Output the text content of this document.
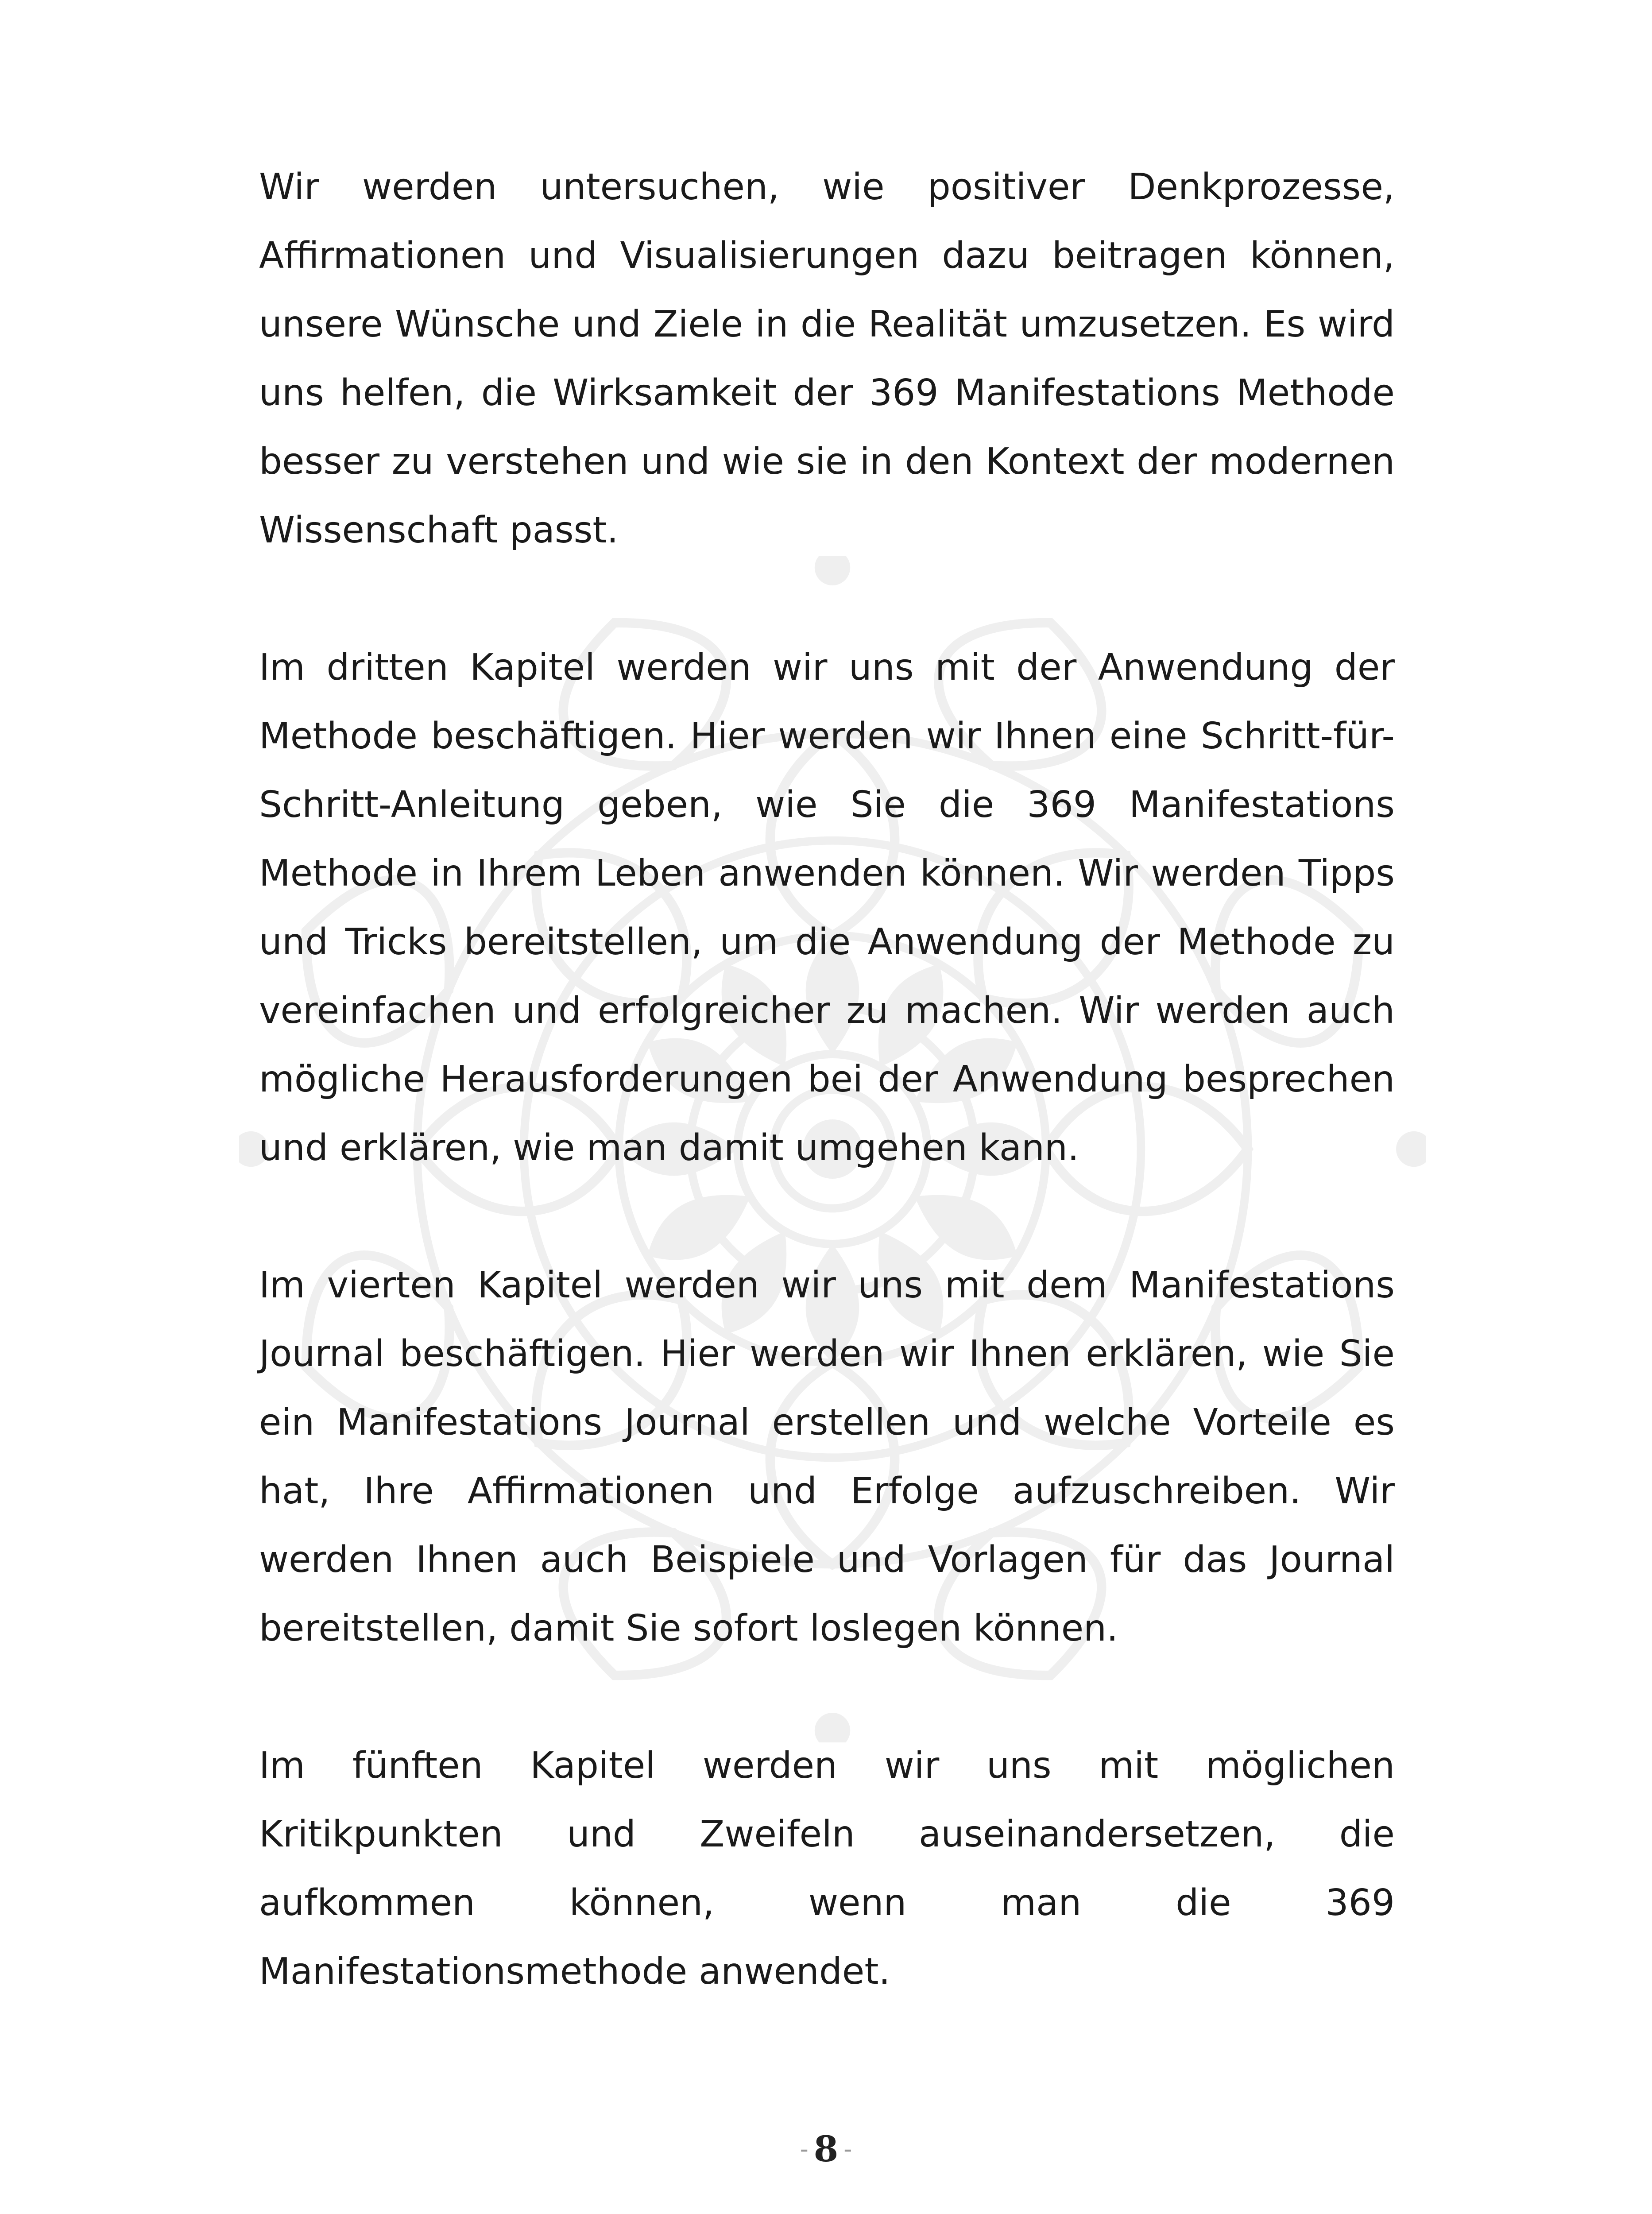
Wir werden untersuchen, wie positiver Denkprozesse, Affirmationen und Visualisierungen dazu beitragen können, unsere Wünsche und Ziele in die Realität umzusetzen. Es wird uns helfen, die Wirksamkeit der 369 Manifestations Methode besser zu verstehen und wie sie in den Kontext der modernen Wissenschaft passt.

Im dritten Kapitel werden wir uns mit der Anwendung der Methode beschäftigen. Hier werden wir Ihnen eine Schritt-für-Schritt-Anleitung geben, wie Sie die 369 Manifestations Methode in Ihrem Leben anwenden können. Wir werden Tipps und Tricks bereitstellen, um die Anwendung der Methode zu vereinfachen und erfolgreicher zu machen. Wir werden auch mögliche Herausforderungen bei der Anwendung besprechen und erklären, wie man damit umgehen kann.

Im vierten Kapitel werden wir uns mit dem Manifestations Journal beschäftigen. Hier werden wir Ihnen erklären, wie Sie ein Manifestations Journal erstellen und welche Vorteile es hat, Ihre Affirmationen und Erfolge aufzuschreiben. Wir werden Ihnen auch Beispiele und Vorlagen für das Journal bereitstellen, damit Sie sofort loslegen können.

Im fünften Kapitel werden wir uns mit möglichen Kritikpunkten und Zweifeln auseinandersetzen, die aufkommen können, wenn man die 369 Manifestationsmethode anwendet.

- 8 -
